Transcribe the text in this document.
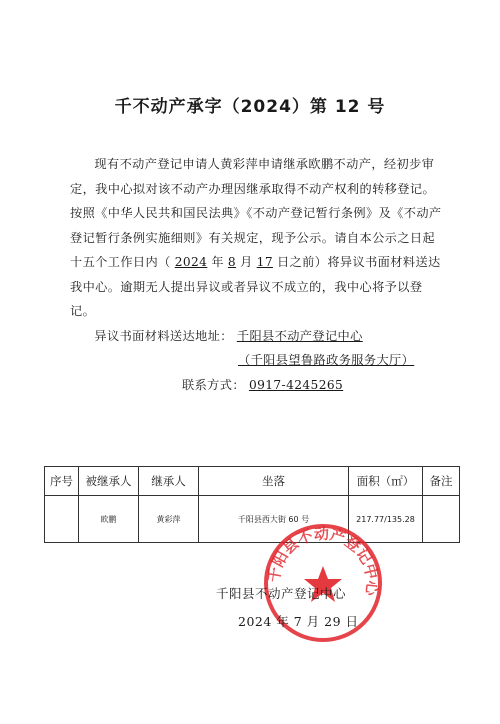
千不动产承字（2024）第 12 号

现有不动产登记申请人黄彩萍申请继承欧鹏不动产，经初步审定，我中心拟对该不动产办理因继承取得不动产权利的转移登记。按照《中华人民共和国民法典》《不动产登记暂行条例》及《不动产登记暂行条例实施细则》有关规定，现予公示。请自本公示之日起十五个工作日内（ 2024 年 8 月 17 日之前）将异议书面材料送达我中心。逾期无人提出异议或者异议不成立的，我中心将予以登记。

异议书面材料送达地址： 千阳县不动产登记中心

（千阳县望鲁路政务服务大厅）

联系方式： 0917-4245265

序号	被继承人	继承人	坐落	面积（㎡）	备注
	欧鹏	黄彩萍	千阳县西大街 60 号	217.77/135.28	
千阳县不动产登记中心
千阳县不动产登记中心
2024 年 7 月 29 日
